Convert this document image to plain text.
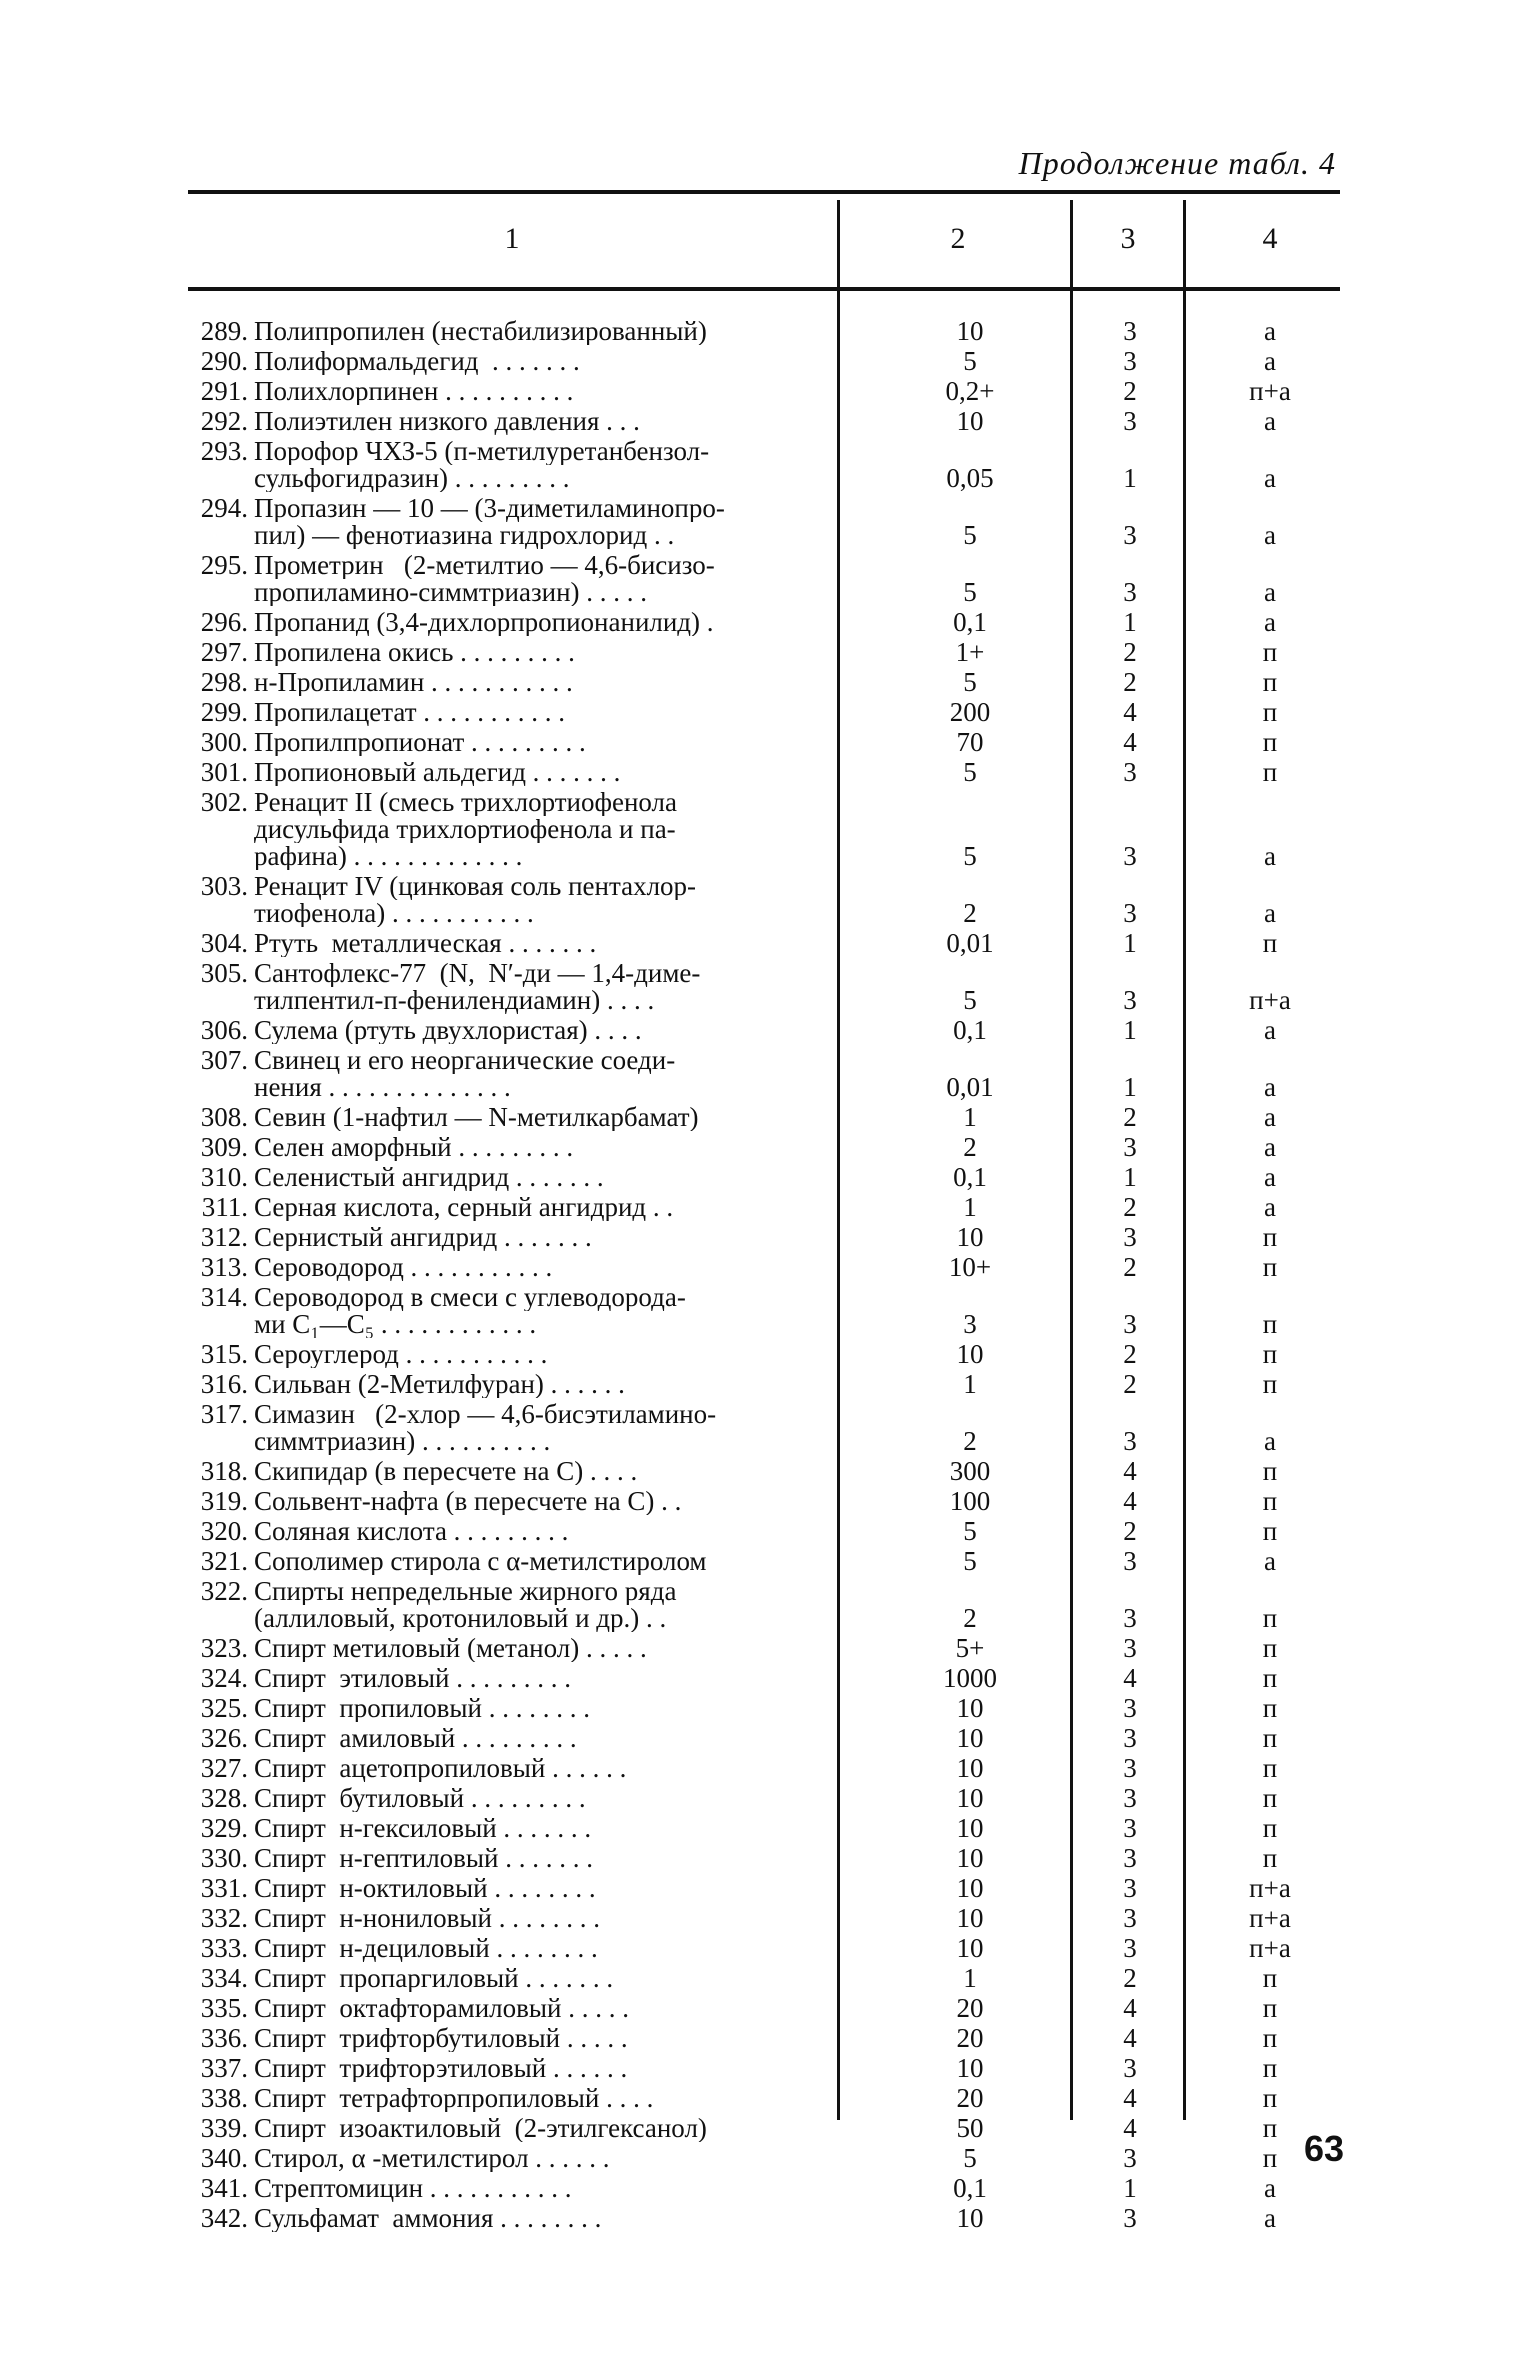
Продолжение табл. 4
1	2	3	4
289. Полипропилен (нестабилизированный)	10	3	а
290. Полиформальдегид  . . . . . . .	5	3	а
291. Полихлорпинен . . . . . . . . . .	0,2+	2	п+а
292. Полиэтилен низкого давления . . .	10	3	а
293. Порофор ЧХЗ-5 (п-метилуретанбензол-
сульфогидразин) . . . . . . . . .	0,05	1	а
294. Пропазин — 10 — (3-диметиламинопро-
пил) — фенотиазина гидрохлорид . .	5	3	а
295. Прометрин   (2-метилтио — 4,6-бисизо-
пропиламино-симмтриазин) . . . . .	5	3	а
296. Пропанид (3,4-дихлорпропионанилид) .	0,1	1	а
297. Пропилена окись . . . . . . . . .	1+	2	п
298. н-Пропиламин . . . . . . . . . . .	5	2	п
299. Пропилацетат . . . . . . . . . . .	200	4	п
300. Пропилпропионат . . . . . . . . .	70	4	п
301. Пропионовый альдегид . . . . . . .	5	3	п
302. Ренацит II (смесь трихлортиофенола
дисульфида трихлортиофенола и па-
рафина) . . . . . . . . . . . . .	5	3	а
303. Ренацит IV (цинковая соль пентахлор-
тиофенола) . . . . . . . . . . .	2	3	а
304. Ртуть  металлическая . . . . . . .	0,01	1	п
305. Сантофлекс-77  (N,  N′-ди — 1,4-диме-
тилпентил-п-фенилендиамин) . . . .	5	3	п+а
306. Сулема (ртуть двухлористая) . . . .	0,1	1	а
307. Свинец и его неорганические соеди-
нения . . . . . . . . . . . . . .	0,01	1	а
308. Севин (1-нафтил — N-метилкарбамат)	1	2	а
309. Селен аморфный . . . . . . . . .	2	3	а
310. Селенистый ангидрид . . . . . . .	0,1	1	а
311. Серная кислота, серный ангидрид . .	1	2	а
312. Сернистый ангидрид . . . . . . .	10	3	п
313. Сероводород . . . . . . . . . . .	10+	2	п
314. Сероводород в смеси с углеводорода-
ми C₁—C₅ . . . . . . . . . . . .	3	3	п
315. Сероуглерод . . . . . . . . . . .	10	2	п
316. Сильван (2-Метилфуран) . . . . . .	1	2	п
317. Симазин   (2-хлор — 4,6-бисэтиламино-
симмтриазин) . . . . . . . . . .	2	3	а
318. Скипидар (в пересчете на С) . . . .	300	4	п
319. Сольвент-нафта (в пересчете на С) . .	100	4	п
320. Соляная кислота . . . . . . . . .	5	2	п
321. Сополимер стирола с α-метилстиролом	5	3	а
322. Спирты непредельные жирного ряда
(аллиловый, кротониловый и др.) . .	2	3	п
323. Спирт метиловый (метанол) . . . . .	5+	3	п
324. Спирт  этиловый . . . . . . . . .	1000	4	п
325. Спирт  пропиловый . . . . . . . .	10	3	п
326. Спирт  амиловый . . . . . . . . .	10	3	п
327. Спирт  ацетопропиловый . . . . . .	10	3	п
328. Спирт  бутиловый . . . . . . . . .	10	3	п
329. Спирт  н-гексиловый . . . . . . .	10	3	п
330. Спирт  н-гептиловый . . . . . . .	10	3	п
331. Спирт  н-октиловый . . . . . . . .	10	3	п+а
332. Спирт  н-нониловый . . . . . . . .	10	3	п+а
333. Спирт  н-дециловый . . . . . . . .	10	3	п+а
334. Спирт  пропаргиловый . . . . . . .	1	2	п
335. Спирт  октафторамиловый . . . . .	20	4	п
336. Спирт  трифторбутиловый . . . . .	20	4	п
337. Спирт  трифторэтиловый . . . . . .	10	3	п
338. Спирт  тетрафторпропиловый . . . .	20	4	п
339. Спирт  изоактиловый  (2-этилгексанол)	50	4	п
340. Стирол, α -метилстирол . . . . . .	5	3	п
341. Стрептомицин . . . . . . . . . . .	0,1	1	а
342. Сульфамат  аммония . . . . . . . .	10	3	а
63
